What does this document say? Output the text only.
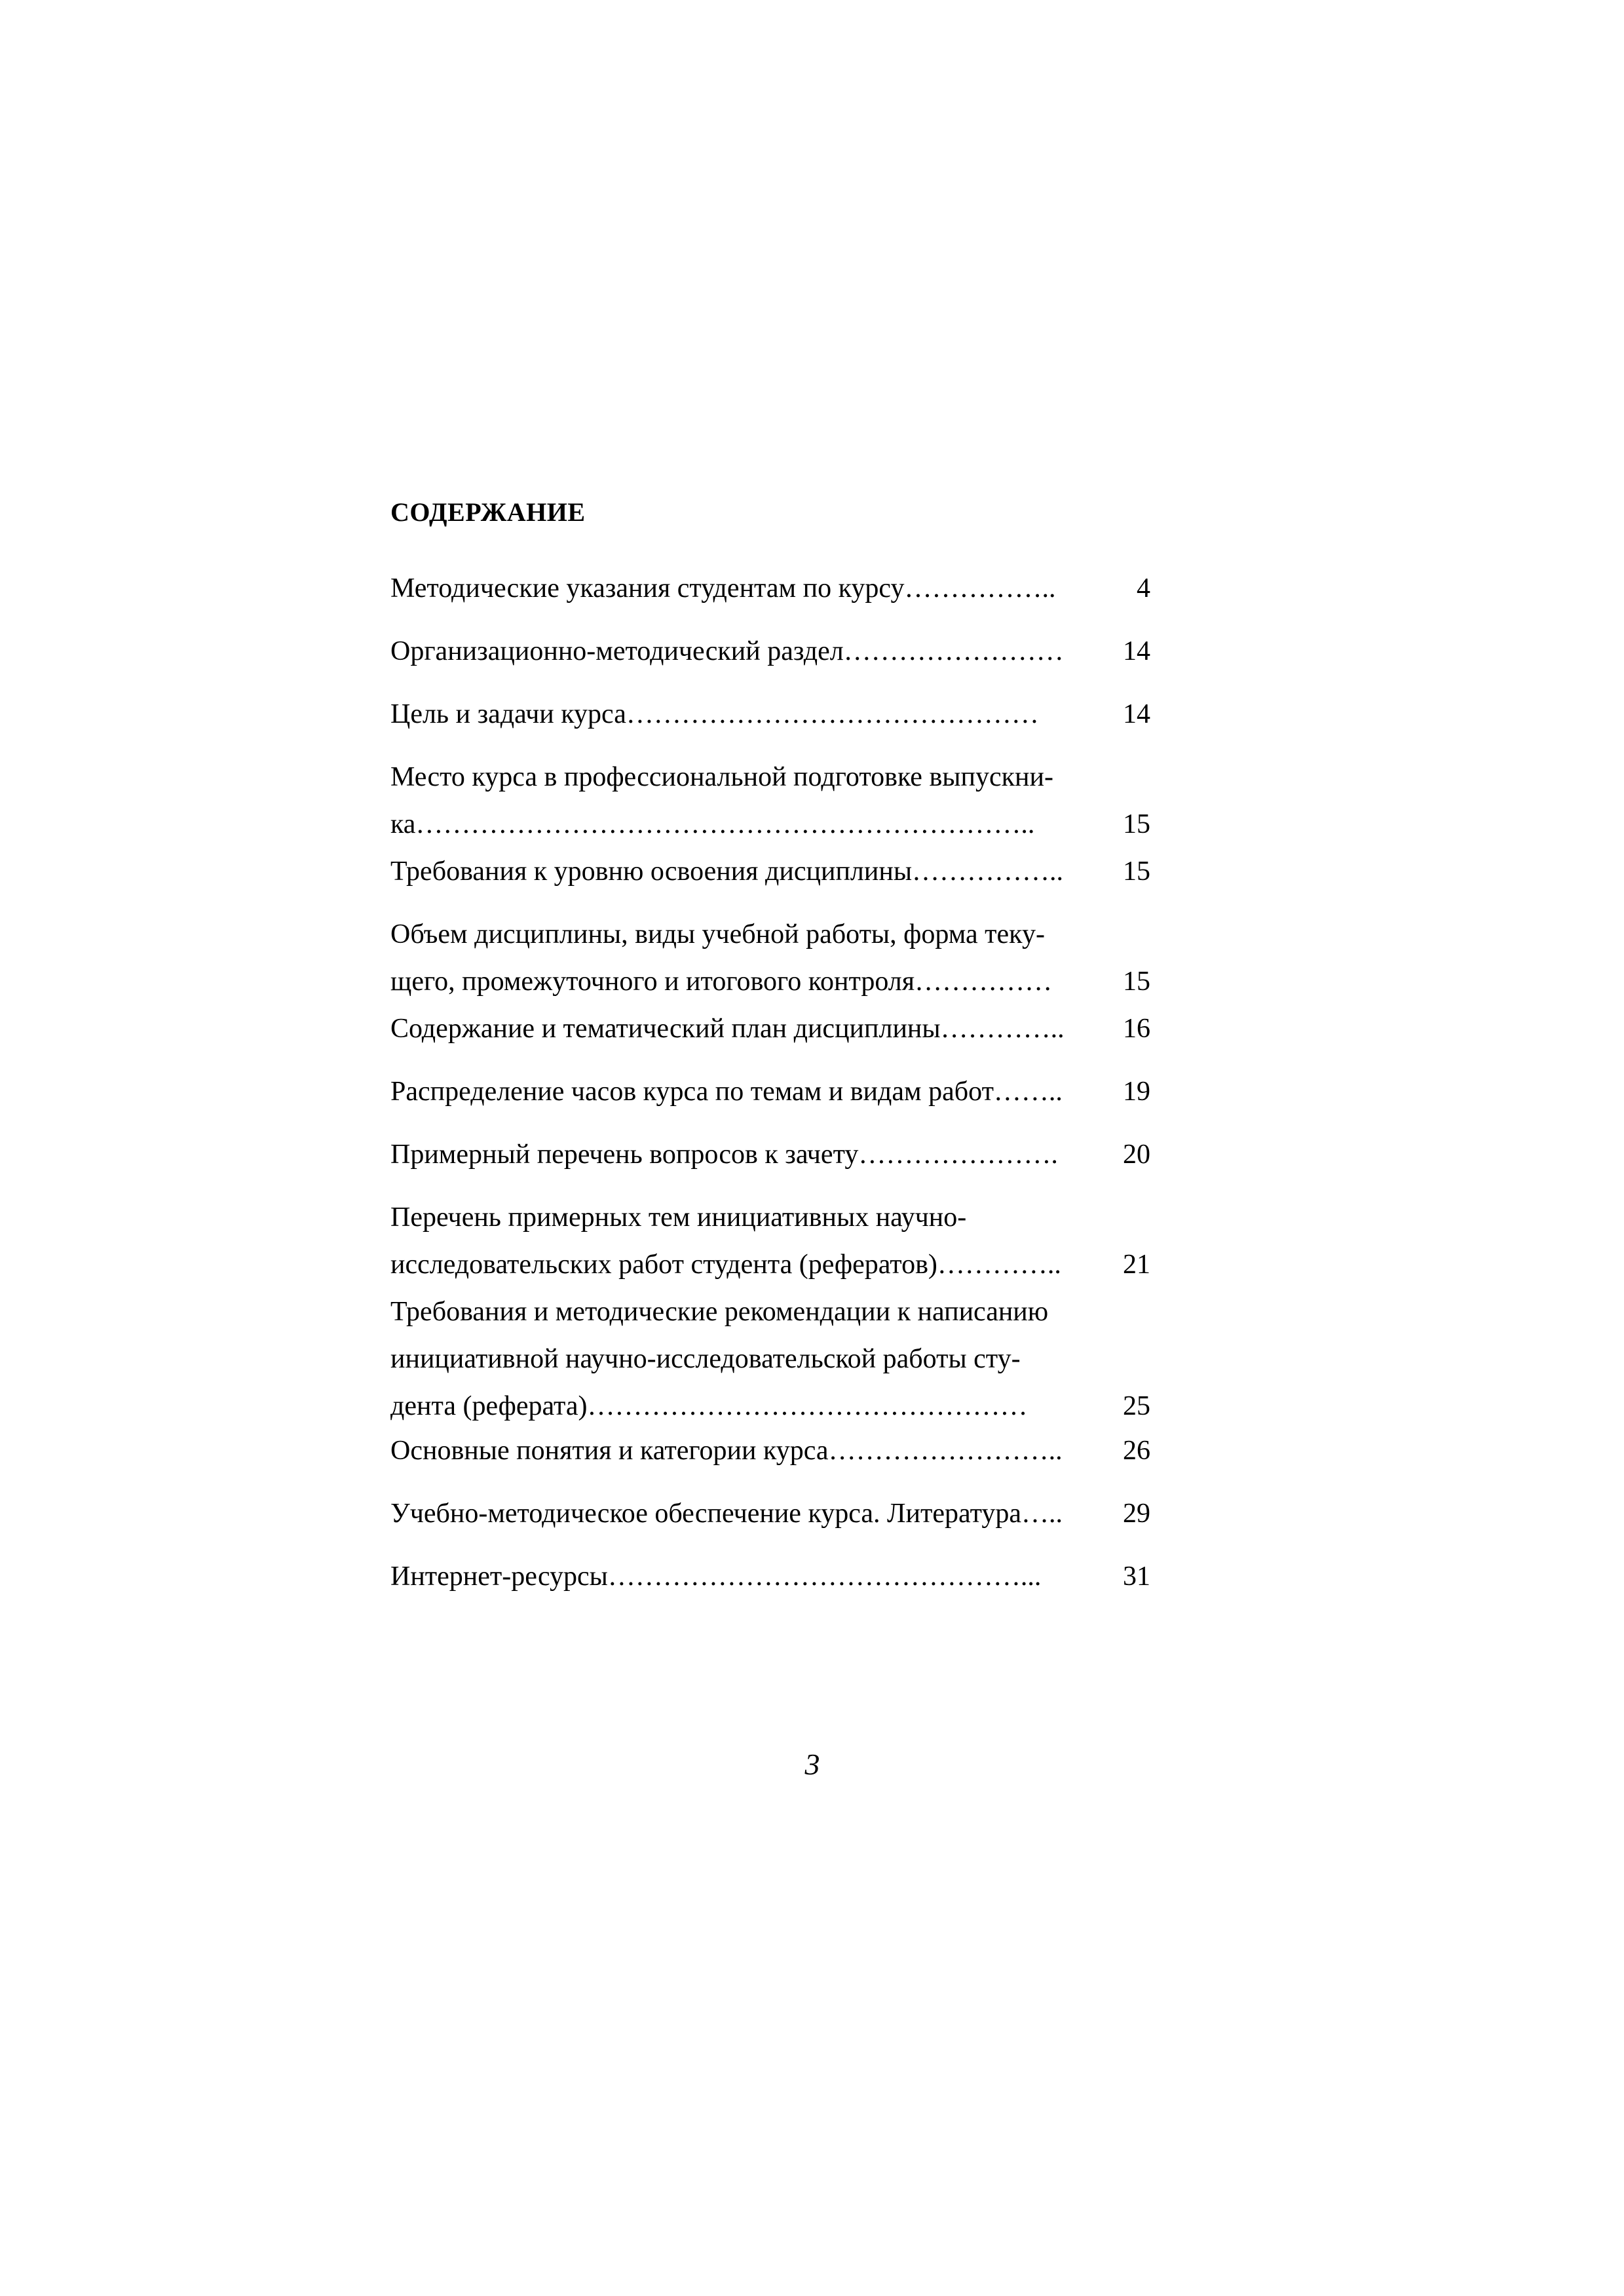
СОДЕРЖАНИЕ
Методические указания студентам по курсу……………..	4
Организационно-методический раздел……………………	14
Цель и задачи курса………………………………………	14
Место курса в профессиональной подготовке выпускни-
ка…………………………………………………………..	15
Требования к уровню освоения дисциплины……………..	15
Объем дисциплины, виды учебной работы, форма теку-
щего, промежуточного и итогового контроля……………	15
Содержание и тематический план дисциплины…………..	16
Распределение часов курса по темам и видам работ……..	19
Примерный перечень вопросов к зачету………………….	20
Перечень примерных тем инициативных научно-
исследовательских работ студента (рефератов)…………..	21
Требования и методические рекомендации к написанию
инициативной научно-исследовательской работы сту-
дента (реферата)…………………………………………	25
Основные понятия и категории курса……………………..	26
Учебно-методическое обеспечение курса. Литература…..	29
Интернет-ресурсы………………………………………...	31
3
